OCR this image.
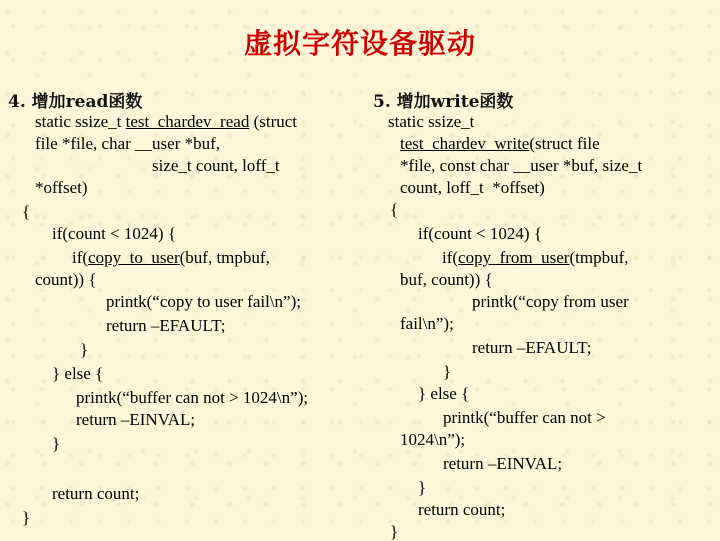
虚拟字符设备驱动
4. 增加read函数
static ssize_t test_chardev_read (struct
file *file, char __user *buf,
size_t count, loff_t
*offset)
{
if(count < 1024) {
if(copy_to_user(buf, tmpbuf,
count)) {
printk(“copy to user fail\n”);
return –EFAULT;
}
} else {
printk(“buffer can not > 1024\n”);
return –EINVAL;
}
return count;
}
5. 增加write函数
static ssize_t
test_chardev_write(struct file
*file, const char __user *buf, size_t
count, loff_t  *offset)
{
if(count < 1024) {
if(copy_from_user(tmpbuf,
buf, count)) {
printk(“copy from user
fail\n”);
return –EFAULT;
}
} else {
printk(“buffer can not >
1024\n”);
return –EINVAL;
}
return count;
}
